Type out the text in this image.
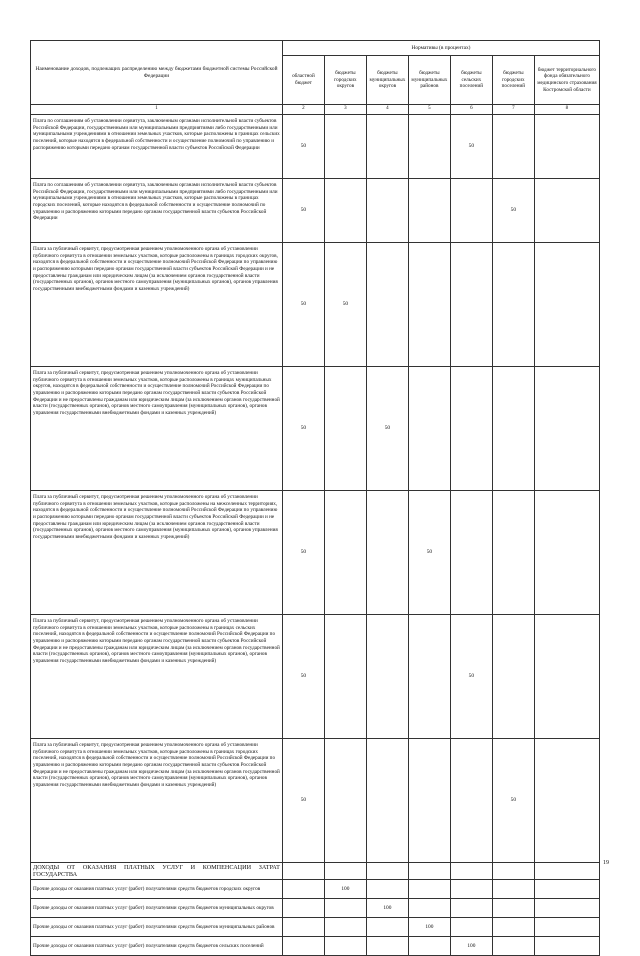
Наименование доходов, подлежащих распределению между бюджетами бюджетной системы Российской Федерации	Нормативы (в процентах)						
	областной бюджет	бюджеты городских округов	бюджеты муниципальных округов	бюджеты муниципальных районов	бюджеты сельских поселений	бюджеты городских поселений	бюджет территориального фонда обязательного медицинского страхования Костромской области
1	2	3	4	5	6	7	8
Плата по соглашениям об установлении сервитута, заключенным органами исполнительной власти субъектов Российской Федерации, государственными или муниципальными предприятиями либо государственными или муниципальными учреждениями в отношении земельных участков, которые расположены в границах сельских поселений, которые находятся в федеральной собственности и осуществление полномочий по управлению и распоряжению которыми передано органам государственной власти субъектов Российской Федерации	50				50		
Плата по соглашениям об установлении сервитута, заключенным органами исполнительной власти субъектов Российской Федерации, государственными или муниципальными предприятиями либо государственными или муниципальными учреждениями в отношении земельных участков, которые расположены в границах городских поселений, которые находятся в федеральной собственности и осуществление полномочий по управлению и распоряжению которыми передано органам государственной власти субъектов Российской Федерации	50					50	
Плата за публичный сервитут, предусмотренная решением уполномоченного органа об установлении публичного сервитута в отношении земельных участков, которые расположены в границах городских округов, находятся в федеральной собственности и осуществление полномочий Российской Федерации по управлению и распоряжению которыми передано органам государственной власти субъектов Российской Федерации и не предоставлены гражданам или юридическим лицам (за исключением органов государственной власти (государственных органов), органов местного самоуправления (муниципальных органов), органов управления государственными внебюджетными фондами и казенных учреждений)	50	50					
Плата за публичный сервитут, предусмотренная решением уполномоченного органа об установлении публичного сервитута в отношении земельных участков, которые расположены в границах муниципальных округов, находятся в федеральной собственности и осуществление полномочий Российской Федерации по управлению и распоряжению которыми передано органам государственной власти субъектов Российской Федерации и не предоставлены гражданам или юридическим лицам (за исключением органов государственной власти (государственных органов), органов местного самоуправления (муниципальных органов), органов управления государственными внебюджетными фондами и казенных учреждений)	50		50				
Плата за публичный сервитут, предусмотренная решением уполномоченного органа об установлении публичного сервитута в отношении земельных участков, которые расположены на межселенных территориях, находятся в федеральной собственности и осуществление полномочий Российской Федерации по управлению и распоряжению которыми передано органам государственной власти субъектов Российской Федерации и не предоставлены гражданам или юридическим лицам (за исключением органов государственной власти (государственных органов), органов местного самоуправления (муниципальных органов), органов управления государственными внебюджетными фондами и казенных учреждений)	50			50			
Плата за публичный сервитут, предусмотренная решением уполномоченного органа об установлении публичного сервитута в отношении земельных участков, которые расположены в границах сельских поселений, находятся в федеральной собственности и осуществление полномочий Российской Федерации по управлению и распоряжению которыми передано органам государственной власти субъектов Российской Федерации и не предоставлены гражданам или юридическим лицам (за исключением органов государственной власти (государственных органов), органов местного самоуправления (муниципальных органов), органов управления государственными внебюджетными фондами и казенных учреждений)	50				50		
Плата за публичный сервитут, предусмотренная решением уполномоченного органа об установлении публичного сервитута в отношении земельных участков, которые расположены в границах городских поселений, находятся в федеральной собственности и осуществление полномочий Российской Федерации по управлению и распоряжению которыми передано органам государственной власти субъектов Российской Федерации и не предоставлены гражданам или юридическим лицам (за исключением органов государственной власти (государственных органов), органов местного самоуправления (муниципальных органов), органов управления государственными внебюджетными фондами и казенных учреждений)	50					50	
ДОХОДЫ ОТ ОКАЗАНИЯ ПЛАТНЫХ УСЛУГ И КОМПЕНСАЦИИ ЗАТРАТ ГОСУДАРСТВА							
Прочие доходы от оказания платных услуг (работ) получателями средств бюджетов городских округов		100					
Прочие доходы от оказания платных услуг (работ) получателями средств бюджетов муниципальных округов			100				
Прочие доходы от оказания платных услуг (работ) получателями средств бюджетов муниципальных районов				100			
Прочие доходы от оказания платных услуг (работ) получателями средств бюджетов сельских поселений					100		
19
